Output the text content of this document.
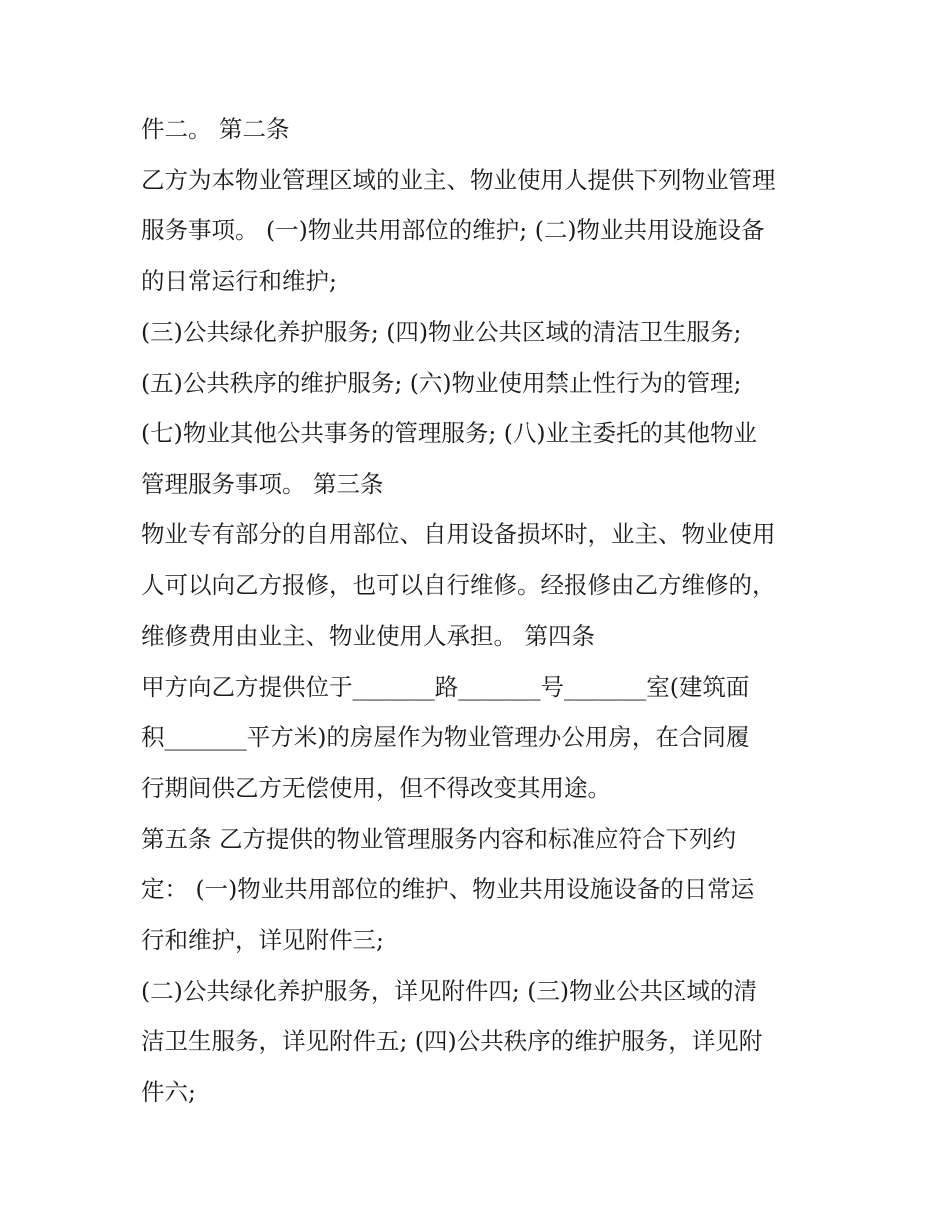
件二。 第二条

乙方为本物业管理区域的业主、物业使用人提供下列物业管理

服务事项。 (一)物业共用部位的维护; (二)物业共用设施设备

的日常运行和维护;

(三)公共绿化养护服务; (四)物业公共区域的清洁卫生服务;

(五)公共秩序的维护服务; (六)物业使用禁止性行为的管理;

(七)物业其他公共事务的管理服务; (八)业主委托的其他物业

管理服务事项。 第三条

物业专有部分的自用部位、自用设备损坏时，业主、物业使用

人可以向乙方报修，也可以自行维修。经报修由乙方维修的，

维修费用由业主、物业使用人承担。 第四条

甲方向乙方提供位于_______路_______号_______室(建筑面

积_______平方米)的房屋作为物业管理办公用房，在合同履

行期间供乙方无偿使用，但不得改变其用途。

第五条 乙方提供的物业管理服务内容和标准应符合下列约

定： (一)物业共用部位的维护、物业共用设施设备的日常运

行和维护，详见附件三;

(二)公共绿化养护服务，详见附件四; (三)物业公共区域的清

洁卫生服务，详见附件五; (四)公共秩序的维护服务，详见附

件六;
